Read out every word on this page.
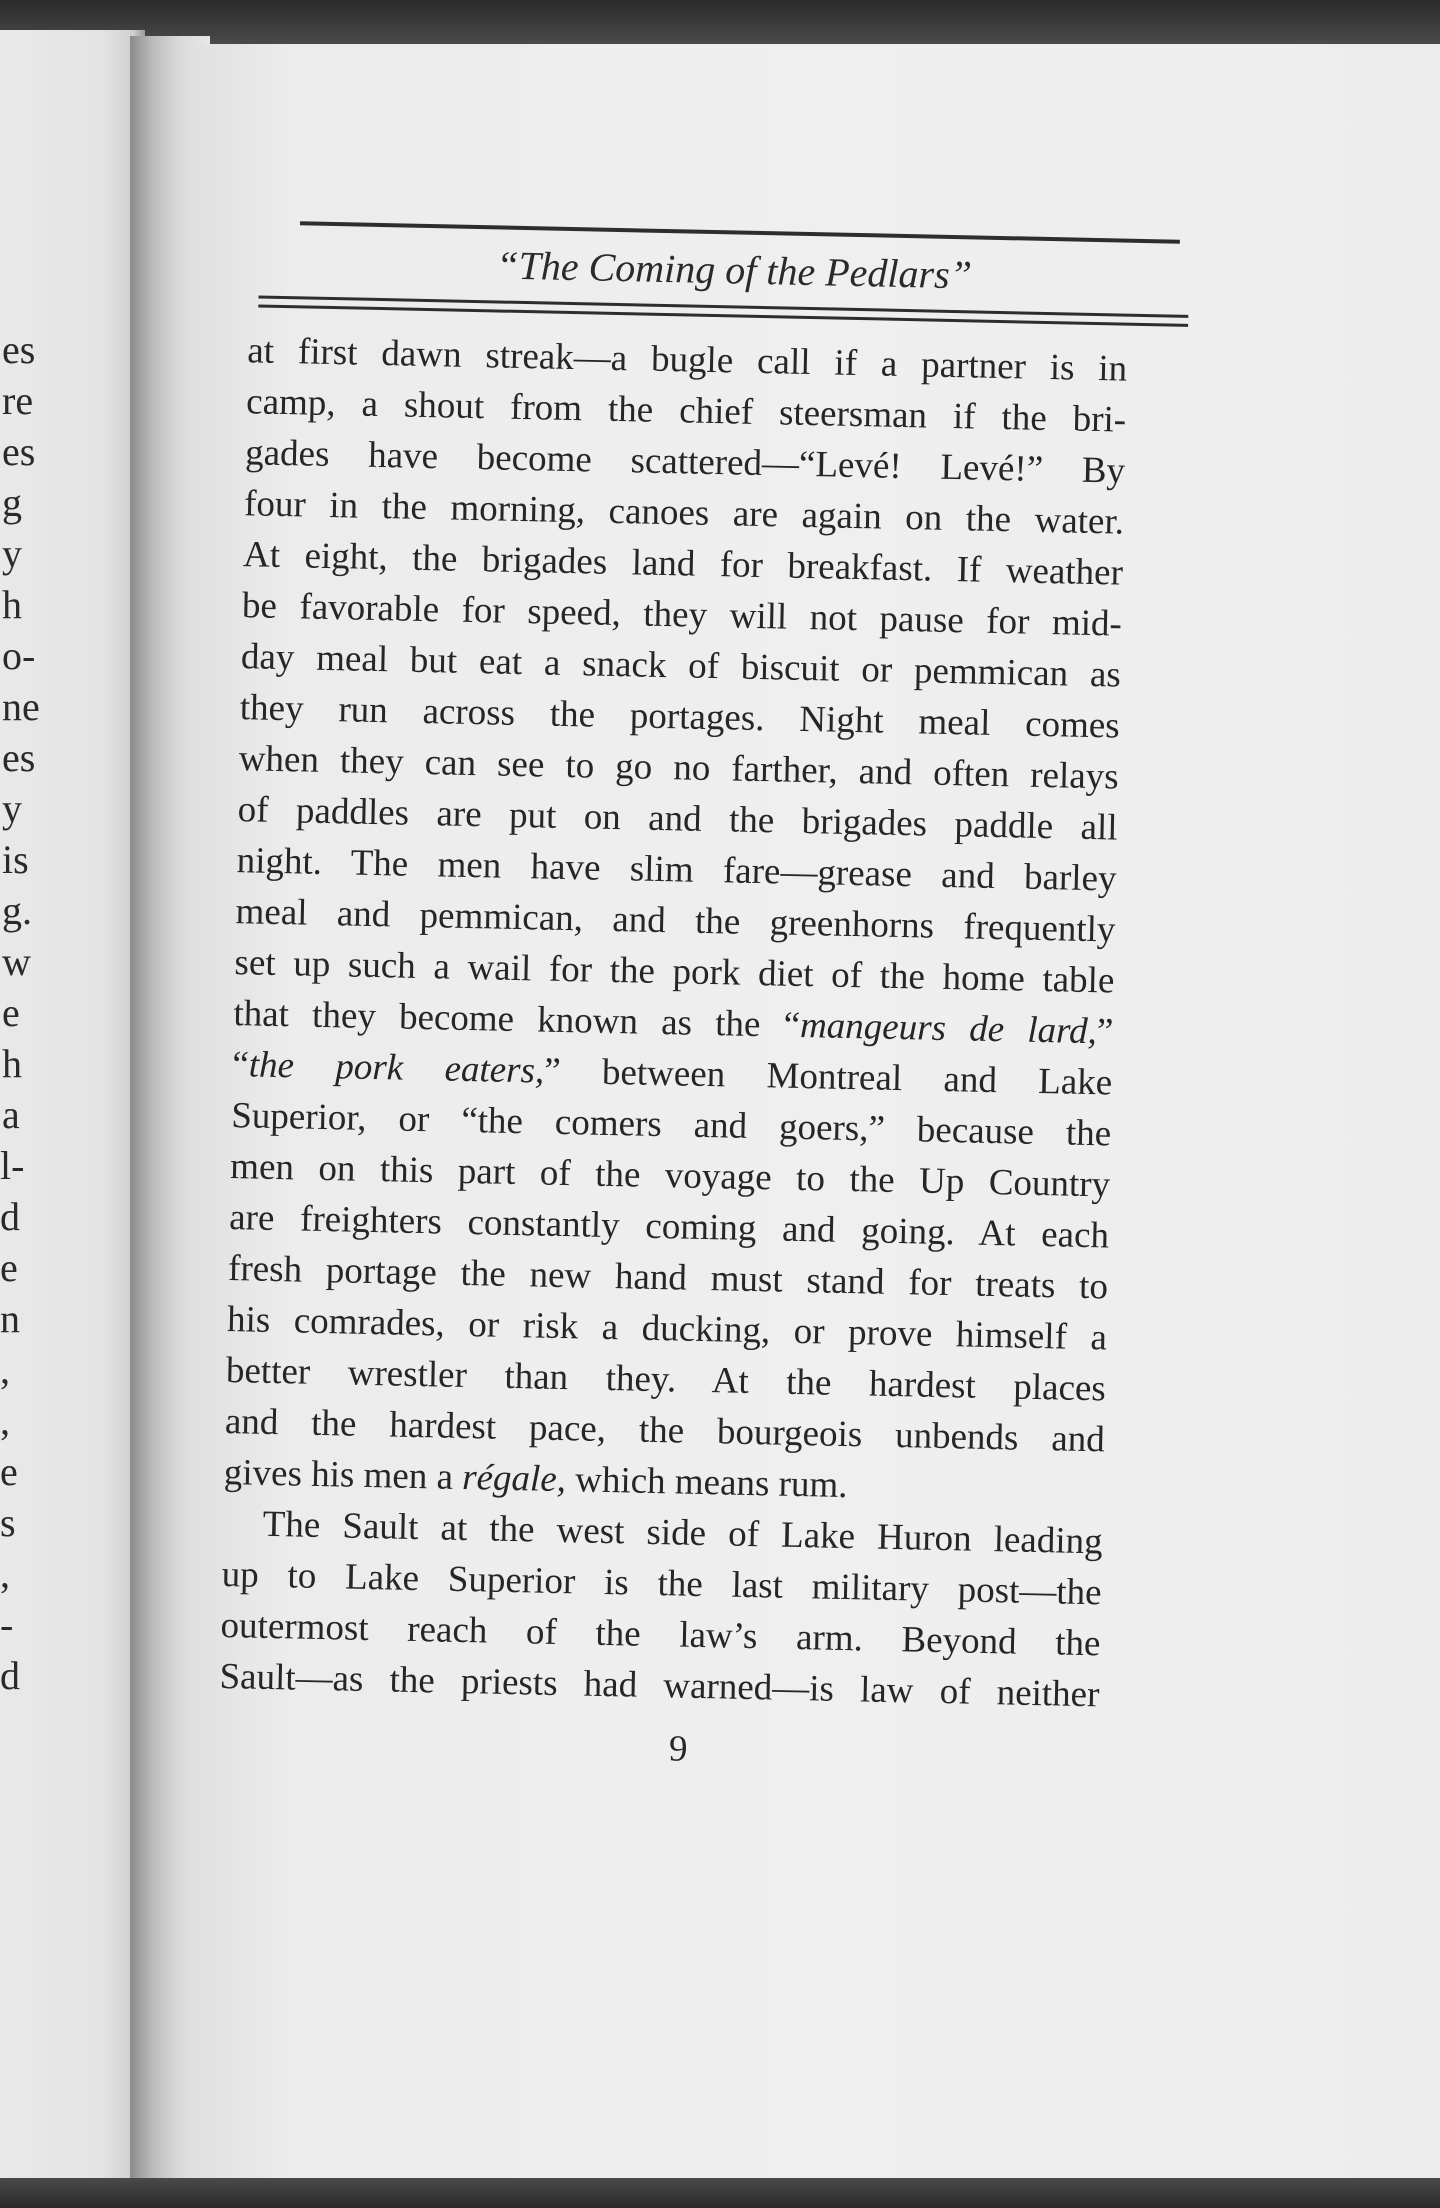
es
re
es
g
y
h
o-
ne
es
y
is
g.
w
e
h
a
l-
d
e
n
,
,
e
s
,
-
d
“The Coming of the Pedlars”
at first dawn streak—a bugle call if a partner is in
camp, a shout from the chief steersman if the bri-
gades have become scattered—“Levé! Levé!” By
four in the morning, canoes are again on the water.
At eight, the brigades land for breakfast. If weather
be favorable for speed, they will not pause for mid-
day meal but eat a snack of biscuit or pemmican as
they run across the portages. Night meal comes
when they can see to go no farther, and often relays
of paddles are put on and the brigades paddle all
night. The men have slim fare—grease and barley
meal and pemmican, and the greenhorns frequently
set up such a wail for the pork diet of the home table
that they become known as the “mangeurs de lard,”
“the pork eaters,” between Montreal and Lake
Superior, or “the comers and goers,” because the
men on this part of the voyage to the Up Country
are freighters constantly coming and going. At each
fresh portage the new hand must stand for treats to
his comrades, or risk a ducking, or prove himself a
better wrestler than they. At the hardest places
and the hardest pace, the bourgeois unbends and
gives his men a régale, which means rum.
The Sault at the west side of Lake Huron leading
up to Lake Superior is the last military post—the
outermost reach of the law’s arm. Beyond the
Sault—as the priests had warned—is law of neither
9
